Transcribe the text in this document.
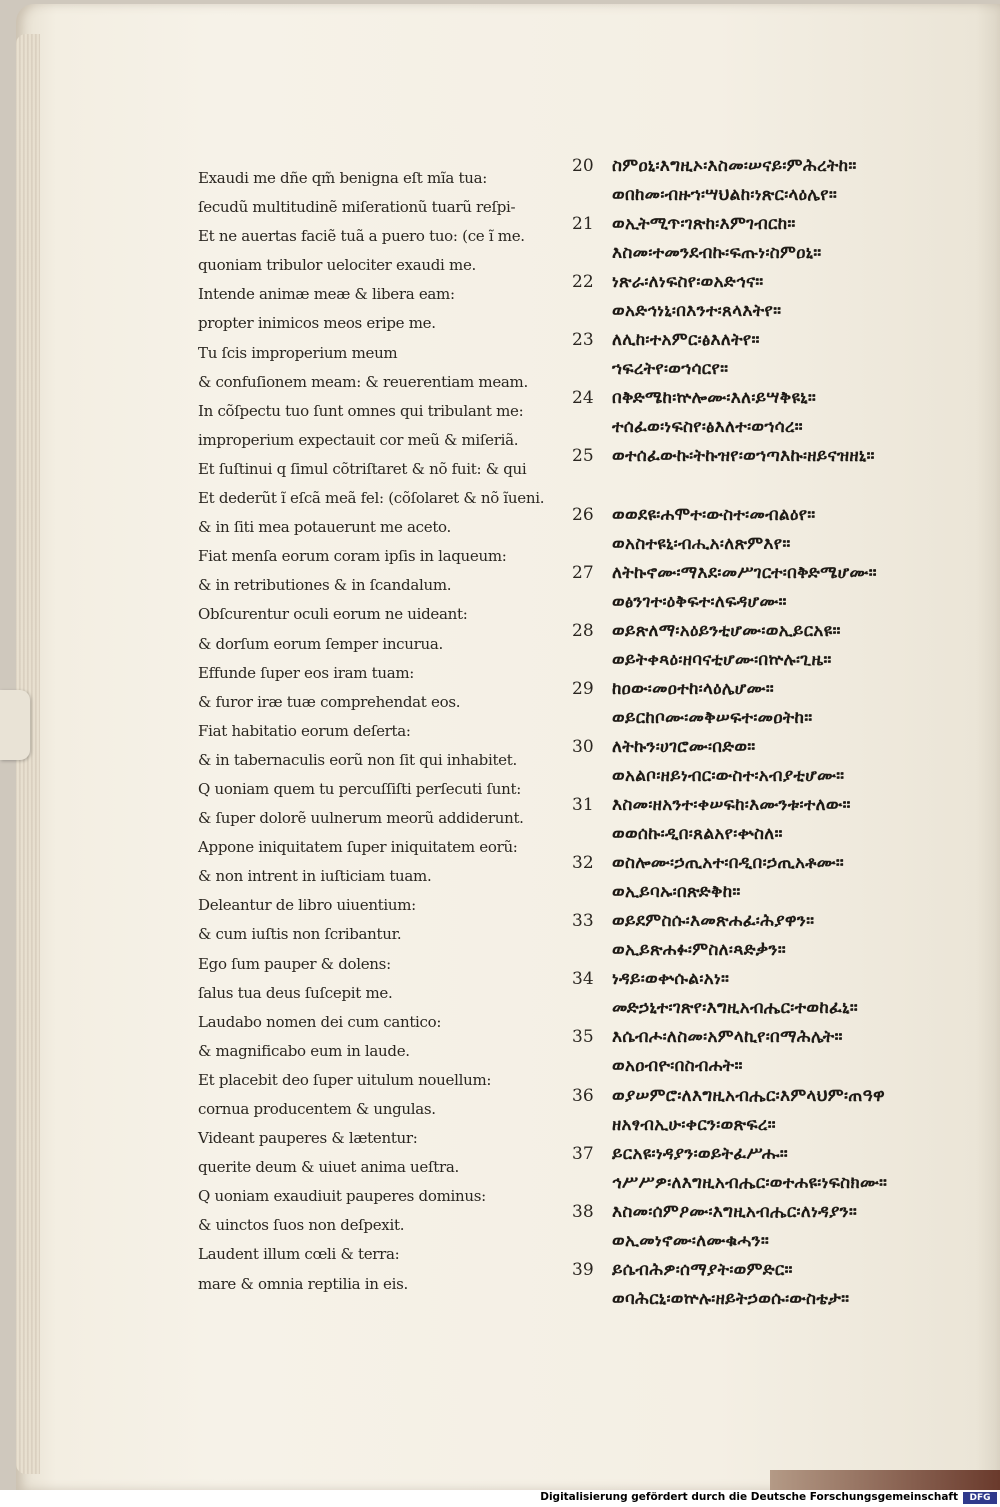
Exaudi me dñe qm̃ benigna eſt mĩa tua:
ſecudũ multitudinẽ miſerationũ tuarũ reſpi-
Et ne auertas faciẽ tuã a puero tuo: (ce ĩ me.
quoniam tribulor uelociter exaudi me.
Intende animæ meæ & libera eam:
propter inimicos meos eripe me.
Tu ſcis improperium meum
& confuſionem meam: & reuerentiam meam.
In cõſpectu tuo ſunt omnes qui tribulant me:
improperium expectauit cor meũ & miſeriã.
Et ſuſtinui q ſimul cõtriſtaret & nõ fuit: & qui
Et dederũt ĩ eſcã meã fel: (cõſolaret & nõ ĩueni.
& in ſiti mea potauerunt me aceto.
Fiat menſa eorum coram ipſis in laqueum:
& in retributiones & in ſcandalum.
Obſcurentur oculi eorum ne uideant:
& dorſum eorum ſemper incurua.
Effunde ſuper eos iram tuam:
& furor iræ tuæ comprehendat eos.
Fiat habitatio eorum deſerta:
& in tabernaculis eorũ non ſit qui inhabitet.
Q uoniam quem tu percuſſiſti perſecuti ſunt:
& ſuper dolorẽ uulnerum meorũ addiderunt.
Appone iniquitatem ſuper iniquitatem eorũ:
& non intrent in iuſticiam tuam.
Deleantur de libro uiuentium:
& cum iuſtis non ſcribantur.
Ego ſum pauper & dolens:
ſalus tua deus ſuſcepit me.
Laudabo nomen dei cum cantico:
& magnificabo eum in laude.
Et placebit deo ſuper uitulum nouellum:
cornua producentem & ungulas.
Videant pauperes & lætentur:
querite deum & uiuet anima ueſtra.
Q uoniam exaudiuit pauperes dominus:
& uinctos ſuos non deſpexit.
Laudent illum cœli & terra:
mare & omnia reptilia in eis.
20	ስምዐኒ፡እግዚኦ፡እስመ፡ሠናይ፡ምሕረትከ።
ወበከመ፡ብዙኀ፡ሣህልከ፡ነጽር፡ላዕሌየ።
21	ወኢትሚጥ፡ገጽከ፡እምገብርከ።
እስመ፡ተመንደብኩ፡ፍጡነ፡ስምዐኒ።
22	ነጽራ፡ለነፍስየ፡ወአድኅና።
ወአድኅነኒ፡በእንተ፡ጸላእትየ።
23	ለሊከ፡ተአምር፡ፅእለትየ።
ኀፍረትየ፡ወኀሳርየ።
24	በቅድሜከ፡ኵሎሙ፡እለ፡ይሣቅዩኒ።
ተሰፈወ፡ነፍስየ፡ፅእለተ፡ወኀሳረ።
25	ወተሰፈውኩ፡ትኩዝየ፡ወኀጣእኩ፡ዘይናዝዘኒ።
26	ወወደዩ፡ሐሞተ፡ውስተ፡መብልዕየ።
ወአስተዩኒ፡ብሒአ፡ለጽምእየ።
27	ለትኩኖሙ፡ማእደ፡መሥገርተ፡በቅድሜሆሙ።
ወፅንገተ፡ዕቅፍተ፡ለፍዳሆሙ።
28	ወይጽለማ፡አዕይንቲሆሙ፡ወኢይርአዩ።
ወይትቀጻዕ፡ዘባናቲሆሙ፡በኵሉ፡ጊዜ።
29	ከዐው፡መዐተከ፡ላዕሌሆሙ።
ወይርከቦሙ፡መቅሠፍተ፡መዐትከ።
30	ለትኩን፡ሀገሮሙ፡በድወ።
ወአልቦ፡ዘይነብር፡ውስተ፡አብያቲሆሙ።
31	እስመ፡ዘአንተ፡ቀሠፍከ፡እሙንቱ፡ተለው።
ወወሰኩ፡ዲበ፡ጸልአየ፡ቍስለ።
32	ወስሎሙ፡ኃጢአተ፡በዲበ፡ኃጢአቶሙ።
ወኢይባኡ፡በጽድቅከ።
33	ወይደምስሱ፡እመጽሐፈ፡ሕያዋን።
ወኢይጽሐፉ፡ምስለ፡ጻድቃን።
34	ነዳይ፡ወቍሱል፡አነ።
መድኃኒተ፡ገጽየ፡እግዚአብሔር፡ተወከፈኒ።
35	እሴብሖ፡ለስመ፡አምላኪየ፡በማሕሌት።
ወአዐብዮ፡በስብሐት።
36	ወያሠምሮ፡ለእግዚአብሔር፡እምላህም፡ጠዓዋ
ዘአፃብኢሁ፡ቀርን፡ወጽፍረ።
37	ይርአዩ፡ነዳያን፡ወይትፈሥሑ።
ኅሥሥዎ፡ለእግዚአብሔር፡ወተሐዩ፡ነፍስክሙ።
38	እስመ፡ሰምዖሙ፡እግዚአብሔር፡ለነዳያን።
ወኢመነኖሙ፡ለሙቁሓን።
39	ይሴብሕዎ፡ሰማያት፡ወምድር።
ወባሕርኒ፡ወኵሉ፡ዘይትኃወሱ፡ውስቴታ።
Digitalisierung gefördert durch die Deutsche Forschungsgemeinschaft	DFG
